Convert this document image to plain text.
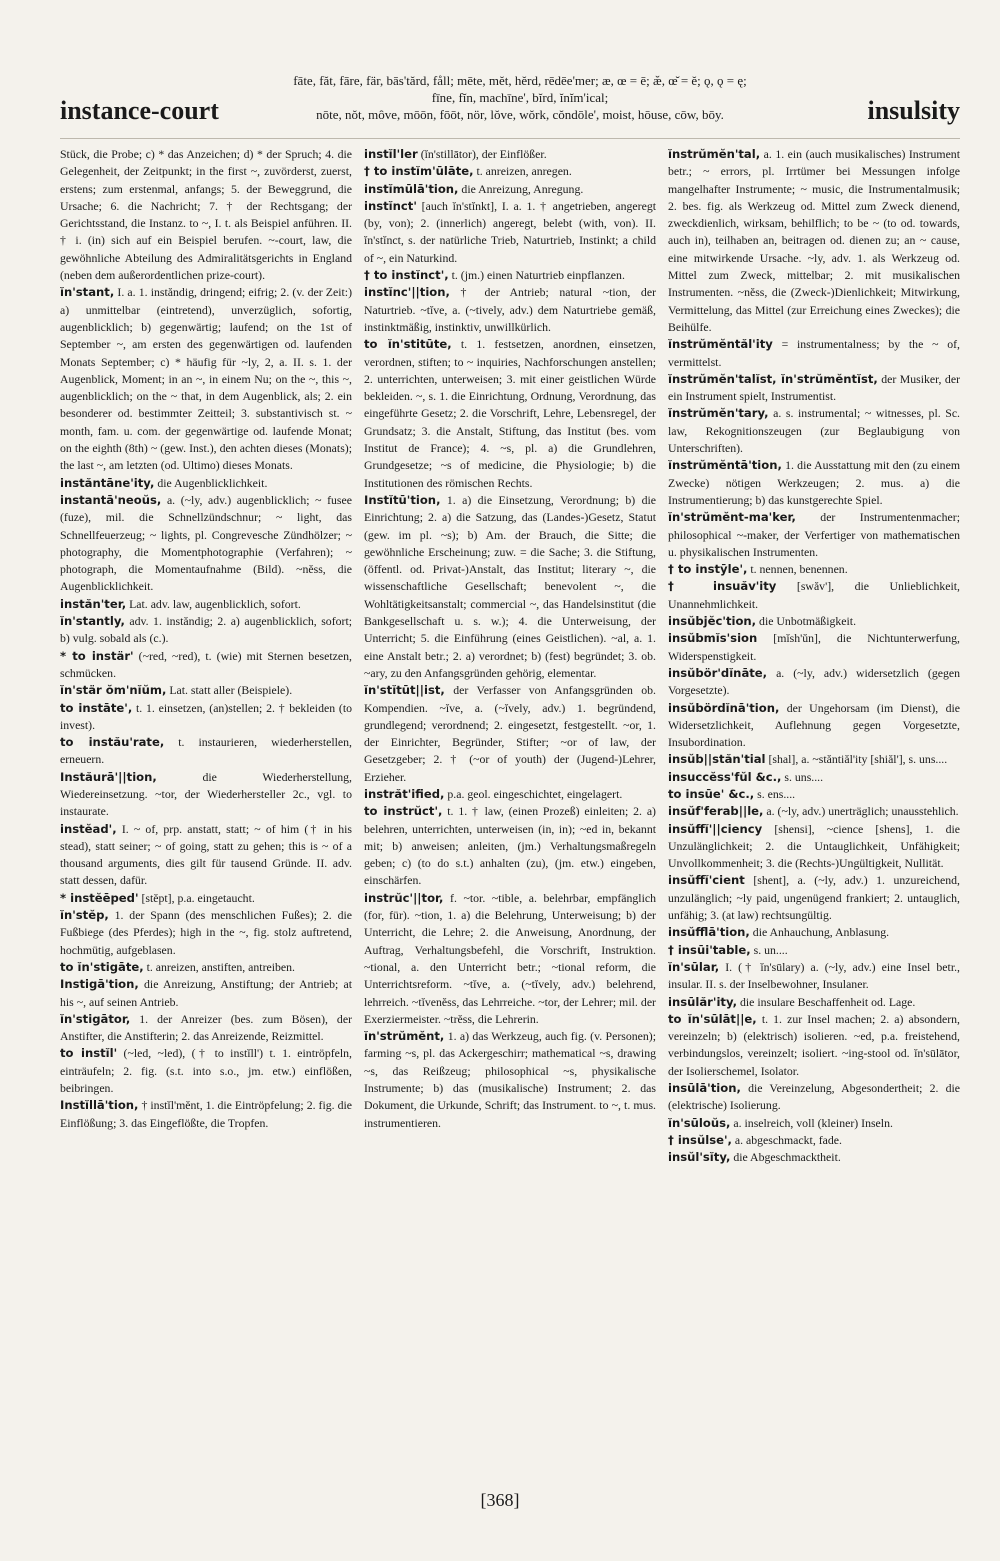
instance-court
fāte, făt, fāre, fär, bās'tărd, fåll; mēte, mĕt, hĕrd, rēdēe'mer; æ, œ = ē; æ̆, œ̆ = ĕ; ǫ, ǫ = ę;
fīne, fĭn, machīne', bĭrd, ĭnĭm'ical;
nōte, nŏt, môve, mōōn, fōōt, nör, lŏve, wŏrk, cŏndōle', moist, hōuse, cōw, bōy.	insulsity

Stück, die Probe; c) * das Anzeichen; d) * der Spruch; 4. die Gelegenheit, der Zeitpunkt; in the first ~, zuvörderst, zuerst, erstens; zum erstenmal, anfangs; 5. der Beweggrund, die Ursache; 6. die Nachricht; 7. † der Rechtsgang; der Gerichtsstand, die Instanz. to ~, I. t. als Beispiel anführen. II. † i. (in) sich auf ein Beispiel berufen. ~-court, law, die gewöhnliche Abteilung des Admiralitätsgerichts in England (neben dem außerordentlichen prize-court).

ĭn'stant, I. a. 1. instăndig, dringend; eifrig; 2. (v. der Zeit:) a) unmittelbar (eintretend), unverzüglich, sofortig, augenblicklich; b) gegenwärtig; laufend; on the 1st of September ~, am ersten des gegenwärtigen od. laufenden Monats September; c) * häufig für ~ly, 2, a. II. s. 1. der Augenblick, Moment; in an ~, in einem Nu; on the ~, this ~, augenblicklich; on the ~ that, in dem Augenblick, als; 2. ein besonderer od. bestimmter Zeitteil; 3. substantivisch st. ~ month, fam. u. com. der gegenwärtige od. laufende Monat; on the eighth (8th) ~ (gew. Inst.), den achten dieses (Monats); the last ~, am letzten (od. Ultimo) dieses Monats.

instăntāne'ity, die Augenblicklichkeit.

instantā'neoŭs, a. (~ly, adv.) augenblicklich; ~ fusee (fuze), mil. die Schnellzündschnur; ~ light, das Schnellfeuerzeug; ~ lights, pl. Congrevesche Zündhölzer; ~ photography, die Momentphotographie (Verfahren); ~ photograph, die Momentaufnahme (Bild). ~nĕss, die Augenblicklichkeit.

instăn'ter, Lat. adv. law, augenblicklich, sofort.

ĭn'stantly, adv. 1. instăndig; 2. a) augenblicklich, sofort; b) vulg. sobald als (c.).

* to instär' (~red, ~red), t. (wie) mit Sternen besetzen, schmücken.

ĭn'stär ŏm'nĭŭm, Lat. statt aller (Beispiele).

to instāte', t. 1. einsetzen, (an)stellen; 2. † bekleiden (to invest).

to instău'rate, t. instaurieren, wiederherstellen, erneuern.

Instăurā'||tion,	die Wiederherstellung, Wiedereinsetzung. ~tor, der Wiederhersteller 2c., vgl. to instaurate.

instĕad', I. ~ of, prp. anstatt, statt; ~ of him († in his stead), statt seiner; ~ of going, statt zu gehen; this is ~ of a thousand arguments, dies gilt für tausend Gründe. II. adv. statt dessen, dafür.

* instĕēped' [stĕpt], p.a. eingetaucht.

ĭn'stĕp, 1. der Spann (des menschlichen Fußes); 2. die Fußbiege (des Pferdes); high in the ~, fig. stolz auftretend, hochmütig, aufgeblasen.

to ĭn'stigāte, t. anreizen, anstiften, antreiben.

Instigā'tion, die Anreizung, Anstiftung; der Antrieb; at his ~, auf seinen Antrieb.

ĭn'stigātor, 1. der Anreizer (bes. zum Bösen), der Anstifter, die Anstifterin; 2. das Anreizende, Reizmittel.

to instĭl' (~led, ~led), († to instĭll') t. 1. eintröpfeln, einträufeln; 2. fig. (s.t. into s.o., jm. etw.) einflößen, beibringen.

Instĭllā'tion, † instĭl'mĕnt, 1. die Eintröpfelung; 2. fig. die Einflößung; 3. das Eingeflößte, die Tropfen.

instĭl'ler (ĭn'stillātor), der Einflößer.

† to instĭm'ūlāte, t. anreizen, anregen.

instĭmūlā'tion, die Anreizung, Anregung.

instĭnct' [auch ĭn'stĭnkt], I. a. 1. † angetrieben, angeregt (by, von); 2. (innerlich) angeregt, belebt (with, von). II. ĭn'stĭnct, s. der natürliche Trieb, Naturtrieb, Instinkt; a child of ~, ein Naturkind.

† to instĭnct', t. (jm.) einen Naturtrieb einpflanzen.

instĭnc'||tion, † der Antrieb; natural ~tion, der Naturtrieb. ~tĭve, a. (~tively, adv.) dem Naturtriebe gemäß, instinktmäßig, instinktiv, unwillkürlich.

to ĭn'stitūte, t. 1. festsetzen, anordnen, einsetzen, verordnen, stiften; to ~ inquiries, Nachforschungen anstellen; 2. unterrichten, unterweisen; 3. mit einer geistlichen Würde bekleiden. ~, s. 1. die Einrichtung, Ordnung, Verordnung, das eingeführte Gesetz; 2. die Vorschrift, Lehre, Lebensregel, der Grundsatz; 3. die Anstalt, Stiftung, das Institut (bes. vom Institut de France); 4. ~s, pl. a) die Grundlehren, Grundgesetze; ~s of medicine, die Physiologie; b) die Institutionen des römischen Rechts.

Instĭtū'tion, 1. a) die Einsetzung, Verordnung; b) die Einrichtung; 2. a) die Satzung, das (Landes-)Gesetz, Statut (gew. im pl. ~s); b) Am. der Brauch, die Sitte; die gewöhnliche Erscheinung; zuw. = die Sache; 3. die Stiftung, (öffentl. od. Privat-)Anstalt, das Institut; literary ~, die wissenschaftliche Gesellschaft; benevolent ~, die Wohltätigkeitsanstalt; commercial ~, das Handelsinstitut (die Bankgesellschaft u. s. w.); 4. die Unterweisung, der Unterricht; 5. die Einführung (eines Geistlichen). ~al, a. 1. eine Anstalt betr.; 2. a) verordnet; b) (fest) begründet; 3. ob. ~ary, zu den Anfangsgründen gehörig, elementar.

ĭn'stĭtūt||ist, der Verfasser von Anfangsgründen ob. Kompendien. ~ĭve, a. (~ĭvely, adv.) 1. begründend, grundlegend; verordnend; 2. eingesetzt, festgestellt. ~or, 1. der Einrichter, Begründer, Stifter; ~or of law, der Gesetzgeber; 2. † (~or of youth) der (Jugend-)Lehrer, Erzieher.

instrăt'ified, p.a. geol. eingeschichtet, eingelagert.

to instrŭct', t. 1. † law, (einen Prozeß) einleiten; 2. a) belehren, unterrichten, unterweisen (in, in); ~ed in, bekannt mit; b) anweisen; anleiten, (jm.) Verhaltungsmaßregeln geben; c) (to do s.t.) anhalten (zu), (jm. etw.) eingeben, einschärfen.

instrŭc'||tor, f. ~tor. ~tible, a. belehrbar, empfänglich (for, für). ~tion, 1. a) die Belehrung, Unterweisung; b) der Unterricht, die Lehre; 2. die Anweisung, Anordnung, der Auftrag, Verhaltungsbefehl, die Vorschrift, Instruktion. ~tional, a. den Unterricht betr.; ~tional reform, die Unterrichtsreform. ~tĭve, a. (~tĭvely, adv.) belehrend, lehrreich. ~tĭvenĕss, das Lehrreiche. ~tor, der Lehrer; mil. der Exerziermeister. ~trĕss, die Lehrerin.

ĭn'strŭmĕnt, 1. a) das Werkzeug, auch fig. (v. Personen); farming ~s, pl. das Ackergeschirr; mathematical ~s, drawing ~s, das Reißzeug; philosophical ~s, physikalische Instrumente; b) das (musikalische) Instrument; 2. das Dokument, die Urkunde, Schrift; das Instrument. to ~, t. mus. instrumentieren.

ĭnstrŭmĕn'tal, a. 1. ein (auch musikalisches) Instrument betr.; ~ errors, pl. Irrtümer bei Messungen infolge mangelhafter Instrumente; ~ music, die Instrumentalmusik; 2. bes. fig. als Werkzeug od. Mittel zum Zweck dienend, zweckdienlich, wirksam, behilflich; to be ~ (to od. towards, auch in), teilhaben an, beitragen od. dienen zu; an ~ cause, eine mitwirkende Ursache. ~ly, adv. 1. als Werkzeug od. Mittel zum Zweck, mittelbar; 2. mit musikalischen Instrumenten. ~nĕss, die (Zweck-)Dienlichkeit; Mitwirkung, Vermittelung, das Mittel (zur Erreichung eines Zweckes); die Beihülfe.

ĭnstrŭmĕntăl'ity = instrumentalness; by the ~ of, vermittelst.

ĭnstrŭmĕn'talĭst, ĭn'strŭmĕntĭst, der Musiker, der ein Instrument spielt, Instrumentist.

ĭnstrŭmĕn'tary, a. s. instrumental; ~ witnesses, pl. Sc. law, Rekognitionszeugen (zur Beglaubigung von Unterschriften).

ĭnstrŭmĕntā'tion, 1. die Ausstattung mit den (zu einem Zwecke) nötigen Werkzeugen; 2. mus. a) die Instrumentierung; b) das kunstgerechte Spiel.

ĭn'strŭmĕnt-ma'ker, der Instrumentenmacher; philosophical ~-maker, der Verfertiger von mathematischen u. physikalischen Instrumenten.

† to instȳle', t. nennen, benennen.

† insuăv'ity [swăv'], die Unlieblichkeit, Unannehmlichkeit.

insŭbjĕc'tion, die Unbotmäßigkeit.

insŭbmĭs'sion [mĭsh'ŭn], die Nichtunterwerfung, Widerspenstigkeit.

insŭbör'dĭnāte, a. (~ly, adv.) widersetzlich (gegen Vorgesetzte).

insŭbördĭnā'tion, der Ungehorsam (im Dienst), die Widersetzlichkeit, Auflehnung gegen Vorgesetzte, Insubordination.

insŭb||stăn'tial [shal], a. ~stăntiăl'ity [shiăl'], s. uns....

insuccĕss'fŭl &c., s. uns....

to insūe' &c., s. ens....

insŭf'ferab||le, a. (~ly, adv.) unerträglich; unausstehlich.

insŭffĭ'||ciency [shensi], ~cience [shens], 1. die Unzulänglichkeit; 2. die Untauglichkeit, Unfähigkeit; Unvollkommenheit; 3. die (Rechts-)Ungültigkeit, Nullität.

insŭffĭ'cient [shent], a. (~ly, adv.) 1. unzureichend, unzulänglich; ~ly paid, ungenügend frankiert; 2. untauglich, unfähig; 3. (at law) rechtsungültig.

insŭfflā'tion, die Anhauchung, Anblasung.

† insūi'table, s. un....

ĭn'sūlar, I. († ĭn'sūlary) a. (~ly, adv.) eine Insel betr., insular. II. s. der Inselbewohner, Insulaner.

insūlăr'ity, die insulare Beschaffenheit od. Lage.

to ĭn'sūlāt||e, t. 1. zur Insel machen; 2. a) absondern, vereinzeln; b) (elektrisch) isolieren. ~ed, p.a. freistehend, verbindungslos, vereinzelt; isoliert. ~ing-stool od. ĭn'sūlātor, der Isolierschemel, Isolator.

insūlā'tion, die Vereinzelung, Abgesondertheit; 2. die (elektrische) Isolierung.

ĭn'sūloŭs, a. inselreich, voll (kleiner) Inseln.

† insŭlse', a. abgeschmackt, fade.

insŭl'sĭty, die Abgeschmacktheit.

[368]
